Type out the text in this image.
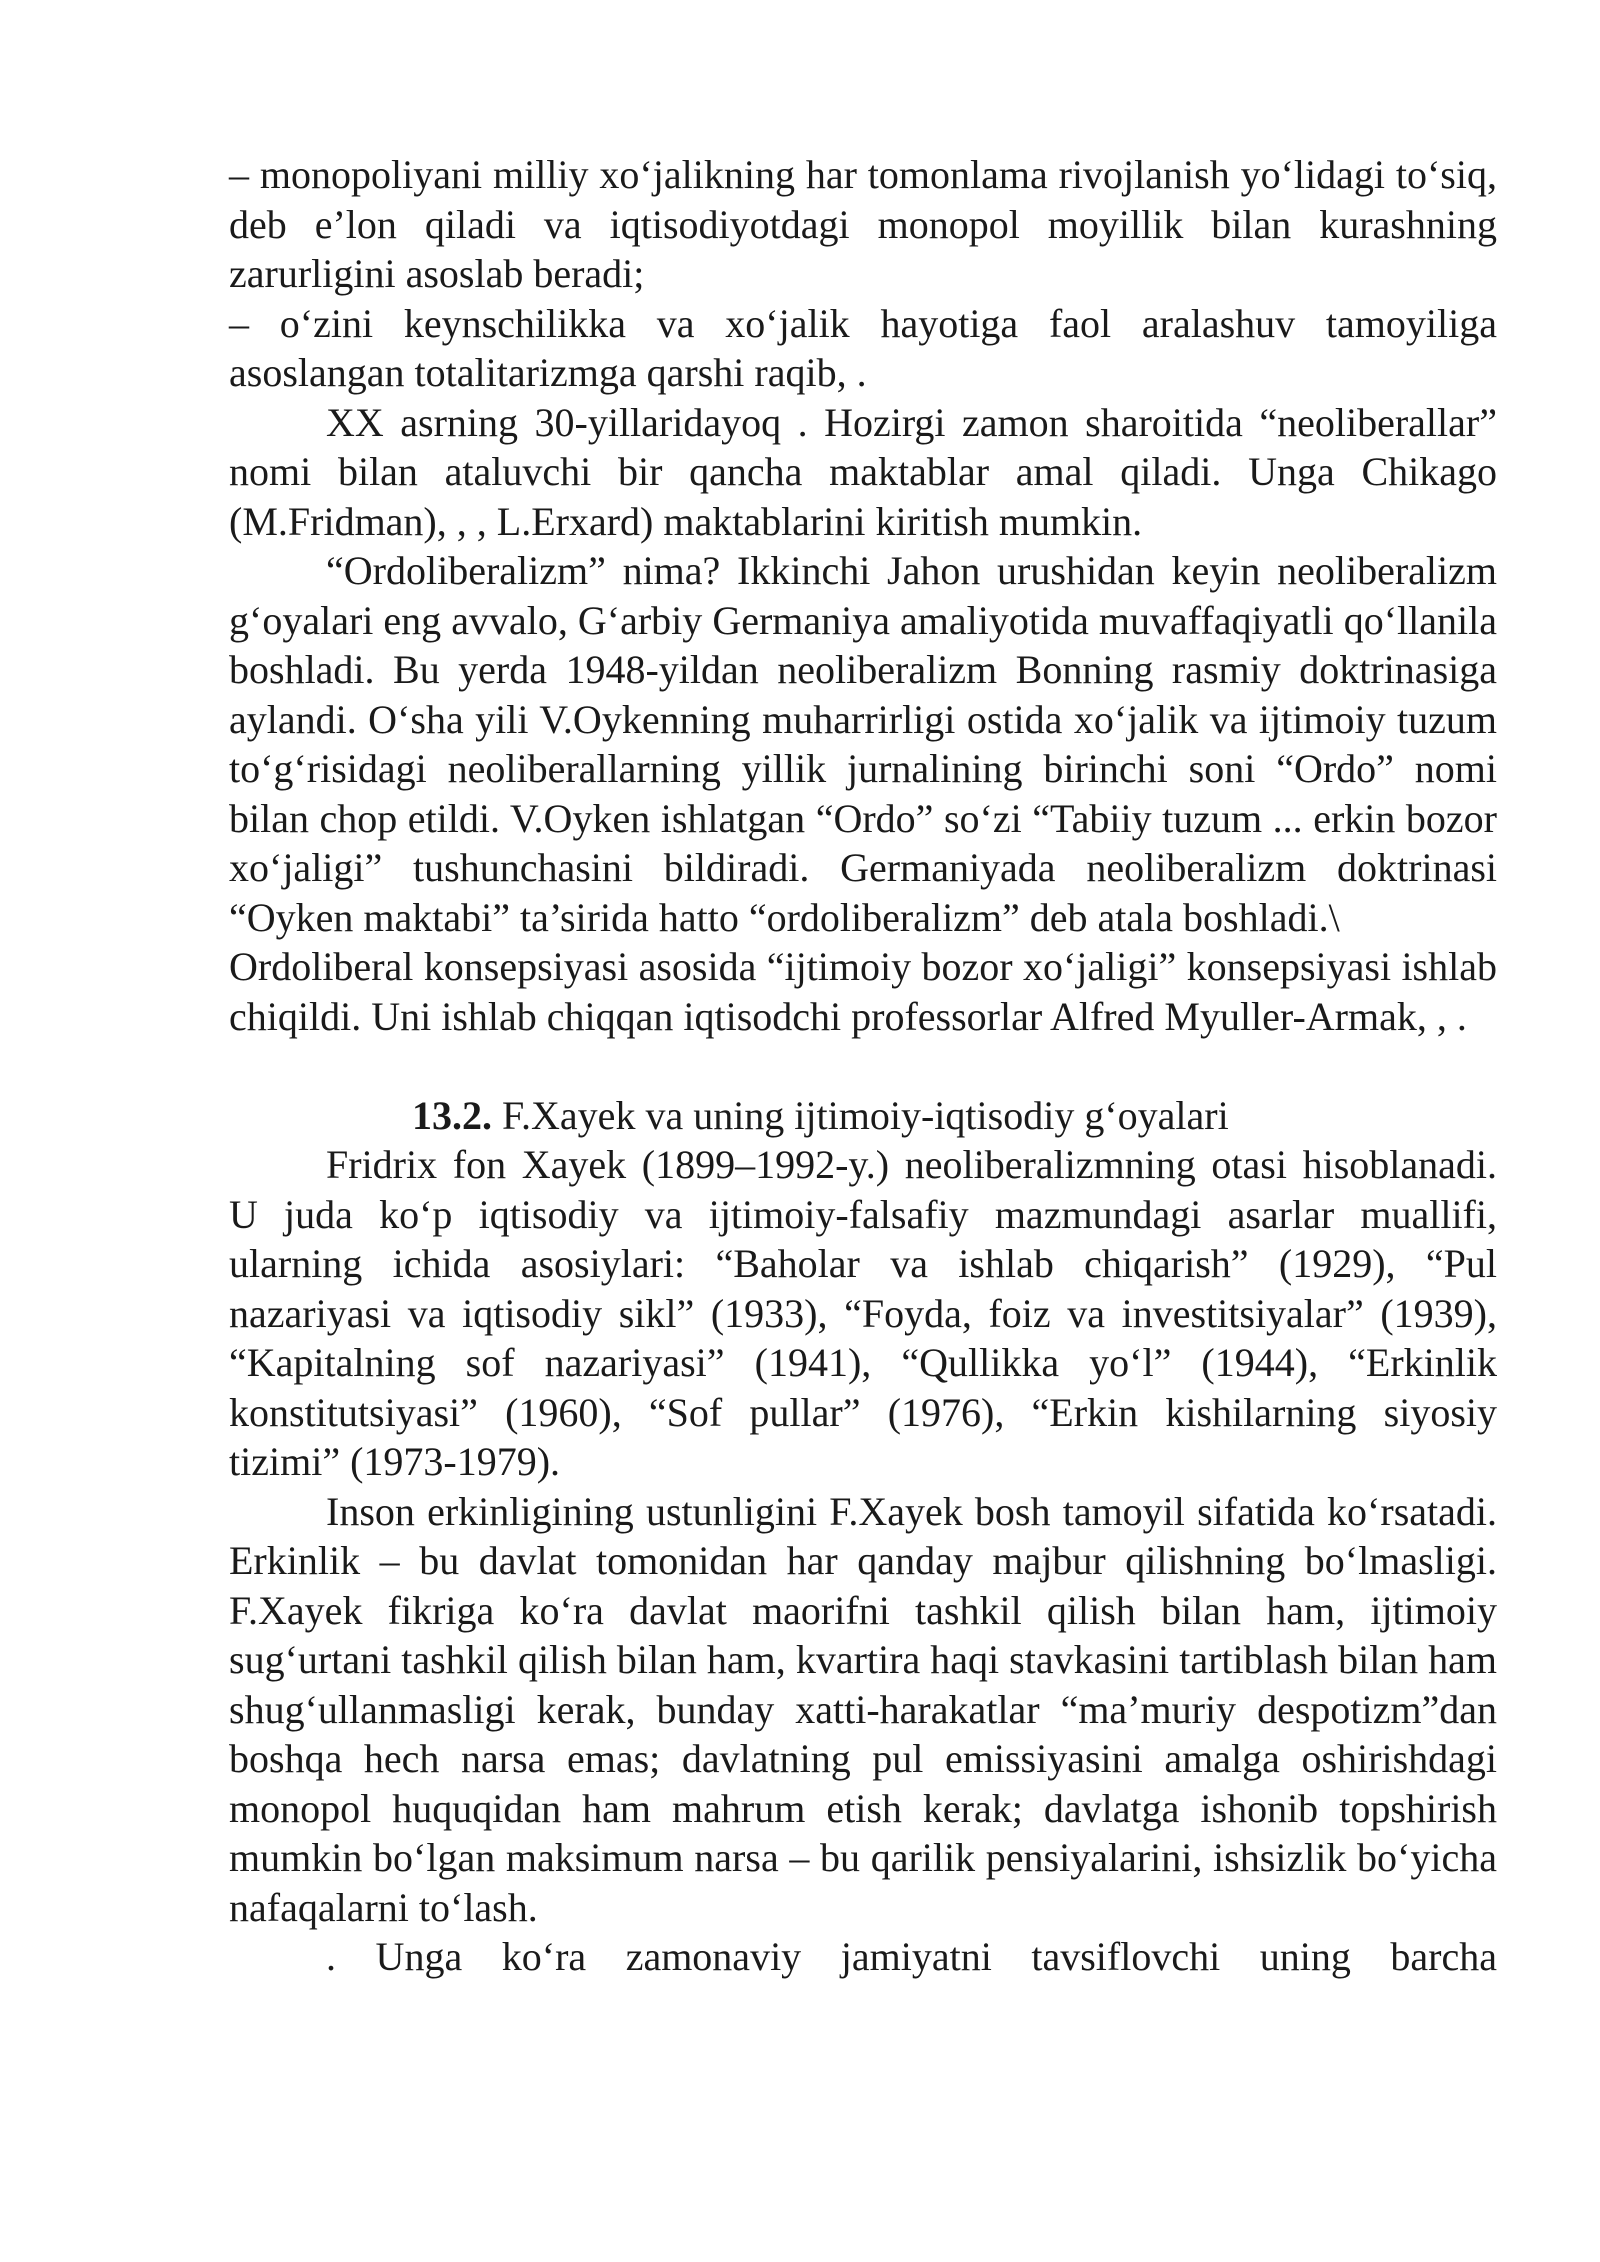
– monopoliyani milliy xo‘jalikning har tomonlama rivojlanish yo‘lidagi to‘siq, deb e’lon qiladi va iqtisodiyotdagi monopol moyillik bilan kurashning zarurligini asoslab beradi;

– o‘zini keynschilikka va xo‘jalik hayotiga faol aralashuv tamoyiliga asoslangan totalitarizmga qarshi raqib, .

XX asrning 30-yillaridayoq . Hozirgi zamon sharoitida “neoliberallar” nomi bilan ataluvchi bir qancha maktablar amal qiladi. Unga Chikago (M.Fridman), , , L.Erxard) maktablarini kiritish mumkin.

“Ordoliberalizm” nima? Ikkinchi Jahon urushidan keyin neoliberalizm g‘oyalari eng avvalo, G‘arbiy Germaniya amaliyotida muvaffaqiyatli qo‘llanila boshladi. Bu yerda 1948-yildan neoliberalizm Bonning rasmiy doktrinasiga aylandi. O‘sha yili V.Oykenning muharrirligi ostida xo‘jalik va ijtimoiy tuzum to‘g‘risidagi neoliberallarning yillik jurnalining birinchi soni “Ordo” nomi bilan chop etildi. V.Oyken ishlatgan “Ordo” so‘zi “Tabiiy tuzum ... erkin bozor xo‘jaligi” tushunchasini bildiradi. Germaniyada neoliberalizm doktrinasi “Oyken maktabi” ta’sirida hatto “ordoliberalizm” deb atala boshladi.\

Ordoliberal konsepsiyasi asosida “ijtimoiy bozor xo‘jaligi” konsepsiyasi ishlab chiqildi. Uni ishlab chiqqan iqtisodchi professorlar Alfred Myuller-Armak, , .

13.2. F.Xayek va uning ijtimoiy-iqtisodiy g‘oyalari

Fridrix fon Xayek (1899–1992-y.) neoliberalizmning otasi hisoblanadi. U juda ko‘p iqtisodiy va ijtimoiy-falsafiy mazmundagi asarlar muallifi, ularning ichida asosiylari: “Baholar va ishlab chiqarish” (1929), “Pul nazariyasi va iqtisodiy sikl” (1933), “Foyda, foiz va investitsiyalar” (1939), “Kapitalning sof nazariyasi” (1941), “Qullikka yo‘l” (1944), “Erkinlik konstitutsiyasi” (1960), “Sof pullar” (1976), “Erkin kishilarning siyosiy tizimi” (1973-1979).

Inson erkinligining ustunligini F.Xayek bosh tamoyil sifatida ko‘rsatadi. Erkinlik – bu davlat tomonidan har qanday majbur qilishning bo‘lmasligi. F.Xayek fikriga ko‘ra davlat maorifni tashkil qilish bilan ham, ijtimoiy sug‘urtani tashkil qilish bilan ham, kvartira haqi stavkasini tartiblash bilan ham shug‘ullanmasligi kerak, bunday xatti-harakatlar “ma’muriy despotizm”dan boshqa hech narsa emas; davlatning pul emissiyasini amalga oshirishdagi monopol huquqidan ham mahrum etish kerak; davlatga ishonib topshirish mumkin bo‘lgan maksimum narsa – bu qarilik pensiyalarini, ishsizlik bo‘yicha nafaqalarni to‘lash.

. Unga ko‘ra zamonaviy jamiyatni tavsiflovchi uning barcha
